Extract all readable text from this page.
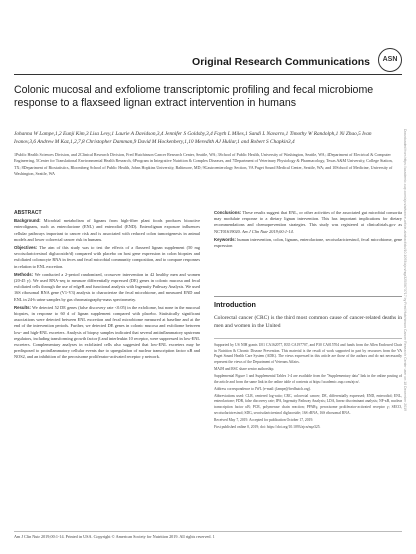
Original Research Communications	ASN
Colonic mucosal and exfoliome transcriptomic profiling and fecal microbiome response to a flaxseed lignan extract intervention in humans
Johanna W Lampe,1,2 Eunji Kim,3 Lisa Levy,1 Laurie A Davidson,3,4 Jennifer S Goldsby,3,4 Fayth L Miles,1 Sandi L Navarro,1 Timothy W Randolph,1 Ni Zhao,5 Ivan Ivanov,3,6 Andrew M Kaz,1,2,7,8 Christopher Damman,9 David M Hockenbery,1,10 Meredith AJ Hullar,1 and Robert S Chapkin3,4
1Public Health Sciences Division, and 2Clinical Research Division, Fred Hutchinson Cancer Research Center, Seattle, WA; 3School of Public Health, University of Washington, Seattle, WA; 4Department of Electrical & Computer Engineering, 5Center for Translational Environmental Health Research, 6Program in Integrative Nutrition & Complex Diseases, and 7Department of Veterinary Physiology & Pharmacology, Texas A&M University, College Station, TX; 8Department of Biostatistics, Bloomberg School of Public Health, Johns Hopkins University, Baltimore, MD; 9Gastroenterology Section, VA Puget Sound Medical Center, Seattle, WA; and 10School of Medicine, University of Washington, Seattle, WA
ABSTRACT

Background: Microbial metabolism of lignans from high-fiber plant foods produces bioactive enterolignans, such as enterolactone (ENL) and enterodiol (END). Enterolignan exposure influences cellular pathways important to cancer risk and is associated with reduced colon tumorigenesis in animal models and lower colorectal cancer risk in humans.

Objectives: The aim of this study was to test the effects of a flaxseed lignan supplement (50 mg secoisolariciresinol diglucoside/d) compared with placebo on host gene expression in colon biopsies and exfoliated colonocyte RNA in feces and fecal microbial community composition, and to compare responses in relation to ENL excretion.

Methods: We conducted a 2-period randomized, crossover intervention in 42 healthy men and women (20-45 y). We used RNA-seq to measure differentially expressed (DE) genes in colonic mucosa and fecal exfoliated cells through the use of edgeR and functional analysis with Ingenuity Pathway Analysis. We used 16S ribosomal RNA gene (V1-V3) analysis to characterize the fecal microbiome, and measured END and ENL in 24-h urine samples by gas chromatography-mass spectrometry.

Results: We detected 52 DE genes (false discovery rate <0.05) in the exfoliome, but none in the mucosal biopsies, in response to 60 d of lignan supplement compared with placebo. Statistically significant associations were detected between ENL excretion and fecal microbiome measured at baseline and at the end of the intervention periods. Further, we detected DE genes in colonic mucosa and exfoliome between low- and high-ENL excreters. Analysis of biopsy samples indicated that several antiinflammatory upstream regulators, including transforming growth factor β and interleukin 10 receptor, were suppressed in low-ENL excreters. Complementary analyses in exfoliated cells also suggested that low-ENL excreters may be predisposed to proinflammatory cellular events due to upregulation of nuclear transcription factor κB and NOS2, and an inhibition of the peroxisome proliferator-activated receptor γ network.

Conclusions: These results suggest that ENL, or other activities of the associated gut microbial consortia may modulate response to a dietary lignan intervention. This has important implications for dietary recommendations and chemoprevention strategies. This study was registered at clinicaltrials.gov as NCT01619020. Am J Clin Nutr 2019;00:1-14.

Keywords: human intervention, colon, lignans, enterolactone, secoisolariciresinol, fecal microbiome, gene expression

Introduction
Colorectal cancer (CRC) is the third most common cause of cancer-related deaths in men and women in the United

Supported by US NIH grants U01 CA162077, R35 CA197707, and P30 CA015704 and funds from the Allen Endowed Chair in Nutrition & Chronic Disease Prevention. This material is the result of work supported in part by resources from the VA Puget Sound Health Care System (ADK). The views expressed in this article are those of the authors and do not necessarily represent the views of the Department of Veterans Affairs.

MAJH and RSC share senior authorship.

Supplemental Figure 1 and Supplemental Tables 1-4 are available from the "Supplementary data" link in the online posting of the article and from the same link in the online table of contents at https://academic.oup.com/ajcn/.

Address correspondence to JWL (e-mail: jlampe@fredhutch.org).

Abbreviations used: CLR, centered log-ratio; CRC, colorectal cancer; DE, differentially expressed; END, enterodiol; ENL, enterolactone; FDR, false discovery rate; IPA, Ingenuity Pathway Analysis; LDA, linear discriminant analysis; NF-κB, nuclear transcription factor κB; PCR, polymerase chain reaction; PPARγ, peroxisome proliferator-activated receptor γ; SECO, secoisolariciresinol; SDG, secoisolariciresinol diglucoside; 16S rRNA, 16S ribosomal RNA.

Received May 7, 2019. Accepted for publication October 17, 2019.

First published online 0, 2019; doi: https://doi.org/10.1093/ajcn/nqz325.

Am J Clin Nutr 2019;00:1-14. Printed in USA. Copyright © American Society for Nutrition 2019. All rights reserved. 1
Downloaded from https://academic.oup.com/ajcn/advance-article-abstract/doi/10.1093/ajcn/nqz325/5673717 by Fred Hutchinson Cancer Research Center user on 18 December 2019
